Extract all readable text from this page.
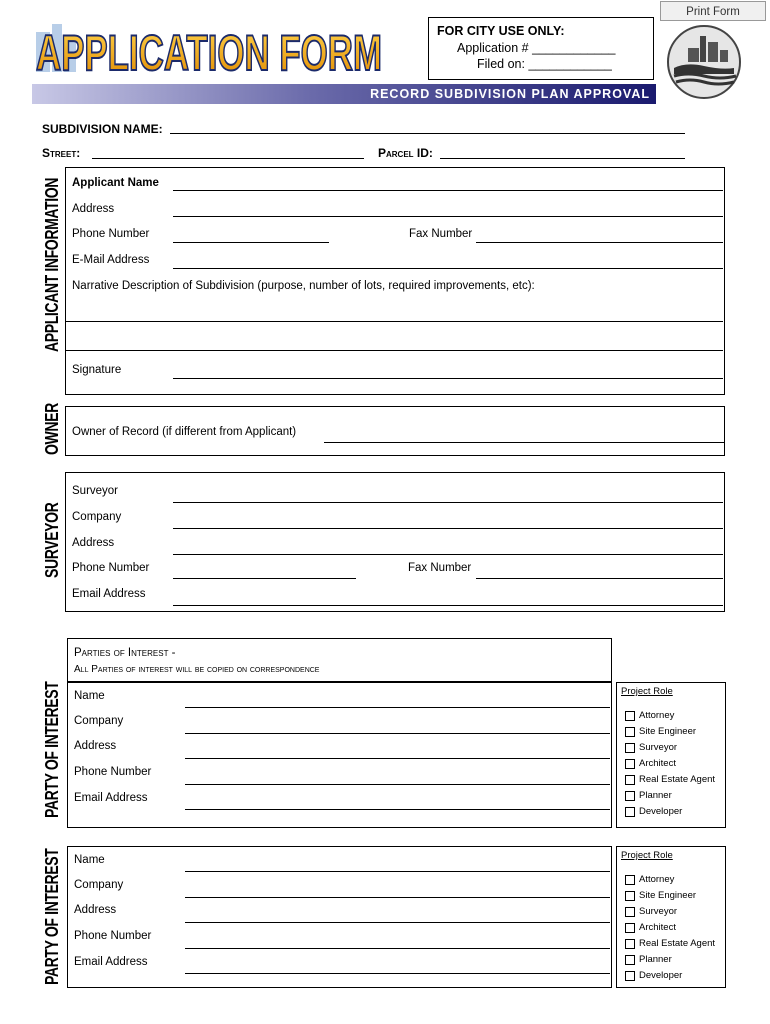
Print Form
APPLICATION FORM	FOR CITY USE ONLY:
Application # ____________
Filed on: ____________
RECORD SUBDIVISION PLAN APPROVAL
SUBDIVISION NAME:
Street:	Parcel ID:
APPLICANT INFORMATION Applicant Name
Address
Phone Number	Fax Number
E-Mail Address
Narrative Description of Subdivision (purpose, number of lots, required improvements, etc):
Signature
OWNER Owner of Record (if different from Applicant)
SURVEYOR
Surveyor
Company
Address
Phone Number	Fax Number
Email Address
Parties of Interest -
All Parties of interest will be copied on correspondence
PARTY OF INTEREST Name
Company
Address
Phone Number
Email Address
Project Role
Attorney
Site Engineer
Surveyor
Architect
Real Estate Agent
Planner
Developer
PARTY OF INTEREST Name
Company
Address
Phone Number
Email Address
Project Role
Attorney
Site Engineer
Surveyor
Architect
Real Estate Agent
Planner
Developer
